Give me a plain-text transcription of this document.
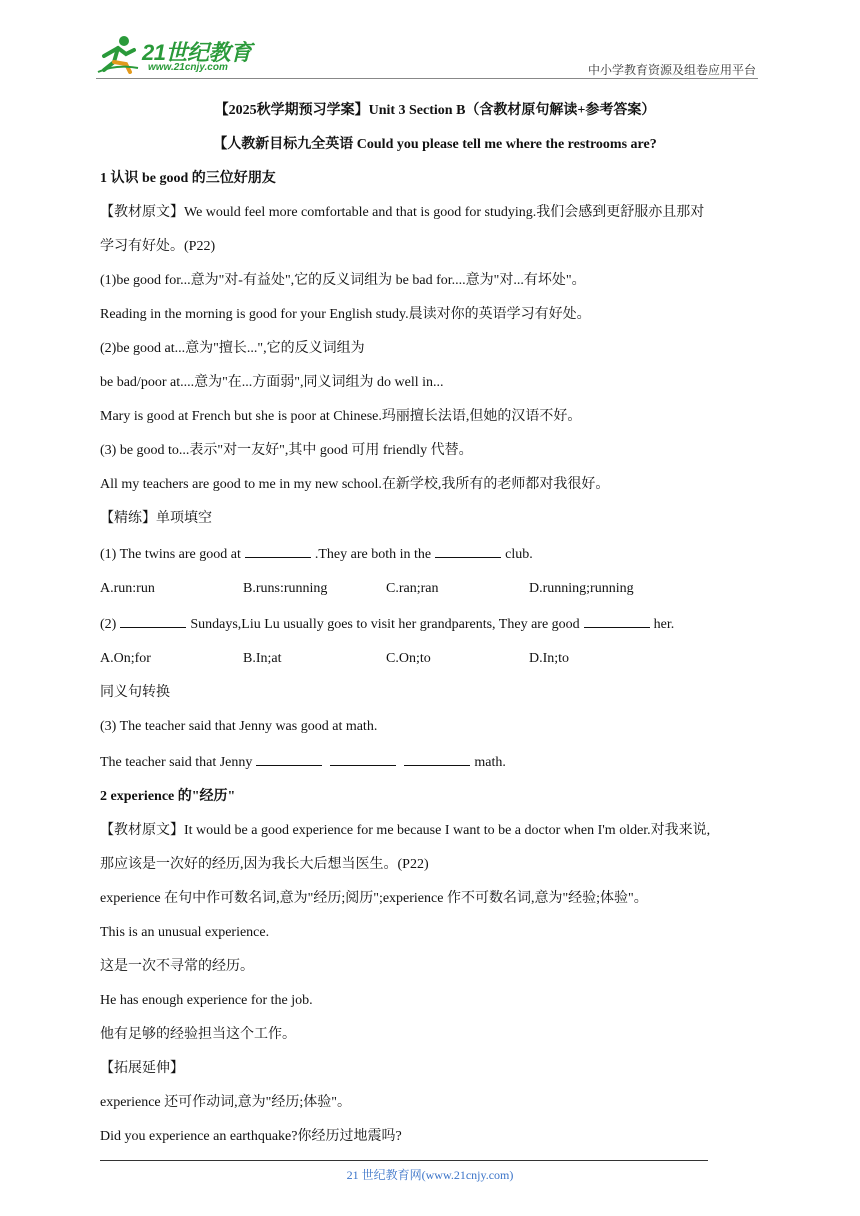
21世纪教育
www.21cnjy.com	中小学教育资源及组卷应用平台

【2025秋学期预习学案】Unit 3 Section B（含教材原句解读+参考答案）

【人教新目标九全英语 Could you please tell me where the restrooms are?

1 认识 be good 的三位好朋友

【教材原文】We would feel more comfortable and that is good for studying.我们会感到更舒服亦且那对

学习有好处。(P22)

(1)be good for...意为"对-有益处",它的反义词组为 be bad for....意为"对...有坏处"。

Reading in the morning is good for your English study.晨读对你的英语学习有好处。

(2)be good at...意为"擅长...",它的反义词组为

be bad/poor at....意为"在...方面弱",同义词组为 do well in...

Mary is good at French but she is poor at Chinese.玛丽擅长法语,但她的汉语不好。

(3) be good to...表示"对一友好",其中 good 可用 friendly 代替。

All my teachers are good to me in my new school.在新学校,我所有的老师都对我很好。

【精练】单项填空

(1) The twins are good at	.They are both in the	club.

A.run:run	B.runs:running	C.ran;ran	D.running;running

(2)	Sundays,Liu Lu usually goes to visit her grandparents, They are good	her.

A.On;for	B.In;at	C.On;to	D.In;to

同义句转换

(3) The teacher said that Jenny was good at math.

The teacher said that Jenny	math.

2 experience 的"经历"

【教材原文】It would be a good experience for me because I want to be a doctor when I'm older.对我来说,

那应该是一次好的经历,因为我长大后想当医生。(P22)

experience 在句中作可数名词,意为"经历;阅历";experience 作不可数名词,意为"经验;体验"。

This is an unusual experience.

这是一次不寻常的经历。

He has enough experience for the job.

他有足够的经验担当这个工作。

【拓展延伸】

experience 还可作动词,意为"经历;体验"。

Did you experience an earthquake?你经历过地震吗?

21 世纪教育网(www.21cnjy.com)
